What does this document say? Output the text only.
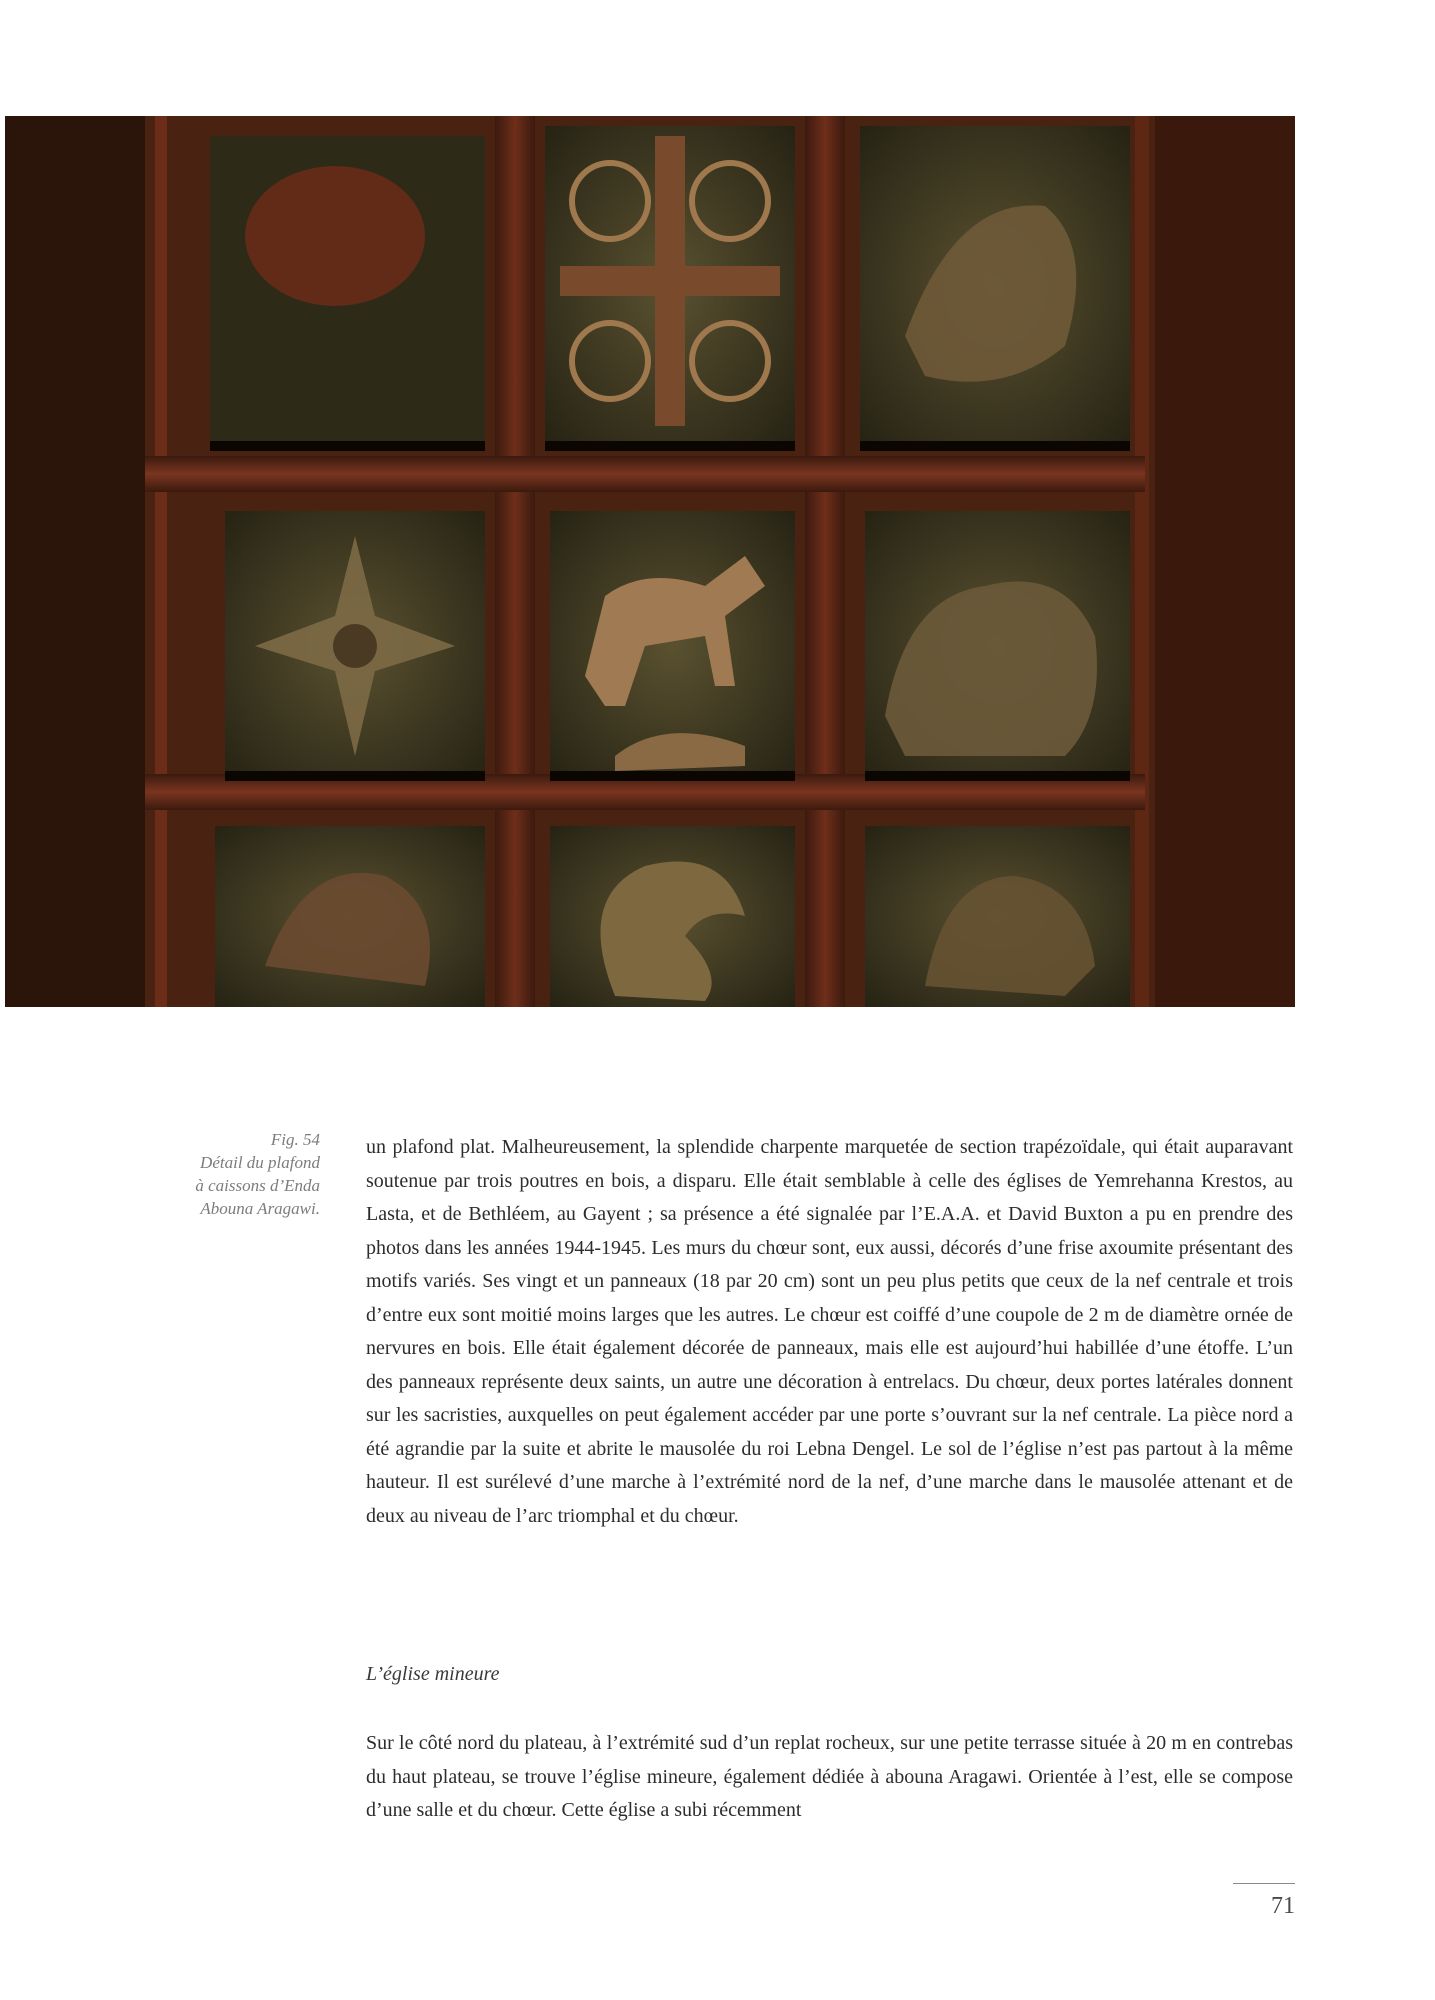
Fig. 54
Détail du plafond
à caissons d’Enda
Abouna Aragawi.

un plafond plat. Malheureusement, la splendide charpente marquetée de section trapézoïdale, qui était auparavant soutenue par trois poutres en bois, a disparu. Elle était semblable à celle des églises de Yemrehanna Krestos, au Lasta, et de Bethléem, au Gayent ; sa présence a été signalée par l’E.A.A. et David Buxton a pu en prendre des photos dans les années 1944-1945. Les murs du chœur sont, eux aussi, décorés d’une frise axoumite présentant des motifs variés. Ses vingt et un panneaux (18 par 20 cm) sont un peu plus petits que ceux de la nef centrale et trois d’entre eux sont moitié moins larges que les autres. Le chœur est coiffé d’une coupole de 2 m de diamètre ornée de nervures en bois. Elle était également décorée de panneaux, mais elle est aujourd’hui habillée d’une étoffe. L’un des panneaux représente deux saints, un autre une décoration à entrelacs. Du chœur, deux portes latérales donnent sur les sacristies, auxquelles on peut également accéder par une porte s’ouvrant sur la nef centrale. La pièce nord a été agrandie par la suite et abrite le mausolée du roi Lebna Dengel. Le sol de l’église n’est pas partout à la même hauteur. Il est surélevé d’une marche à l’extrémité nord de la nef, d’une marche dans le mausolée attenant et de deux au niveau de l’arc triomphal et du chœur.

L’église mineure

Sur le côté nord du plateau, à l’extrémité sud d’un replat rocheux, sur une petite terrasse située à 20 m en contrebas du haut plateau, se trouve l’église mineure, également dédiée à abouna Aragawi. Orientée à l’est, elle se compose d’une salle et du chœur. Cette église a subi récemment

71
